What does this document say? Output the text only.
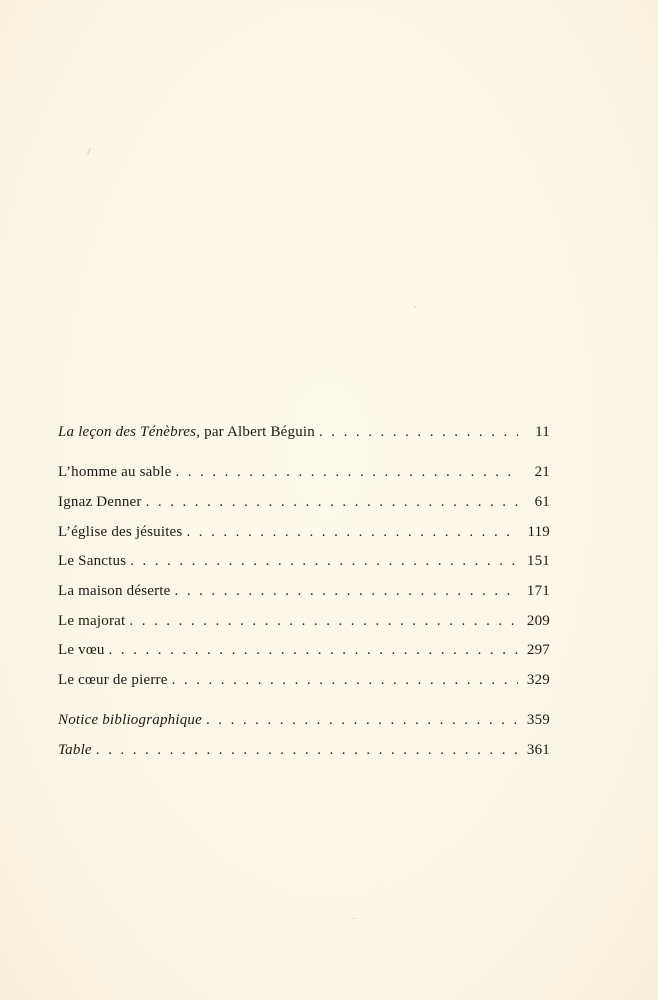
La leçon des Ténèbres, par Albert Béguin . . .	11
L’homme au sable . . .	21
Ignaz Denner . . .	61
L’église des jésuites . . .	119
Le Sanctus . . .	151
La maison déserte . . .	171
Le majorat . . .	209
Le vœu . . .	297
Le cœur de pierre . . .	329
Notice bibliographique . . .	359
Table . . .	361
